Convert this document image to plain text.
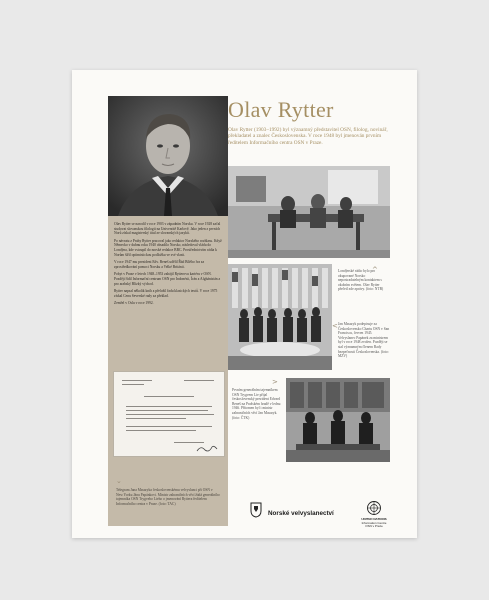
Olav Rytter se narodil v roce 1903 v západním Norsku. V roce 1928 začal studovat slovanskou filologii na Univerzitě Karlově. Jako jeden z prvních Norů získal magisterský titul ze slovanských jazyků.

Po návratu z Prahy Rytter pracoval jako redaktor Norského rozhlasu. Když Německo v dubnu roku 1940 obsadilo Norsko, následoval vládu do Londýna, kde vstoupil do norské redakce BBC. Prostřednictvím rádia k Norům šířil optimistickou podložku ve své vlasti.

V roce 1947 mu prezident Edv. Beneš udělil Řád Bílého lva za zprostředkování pomoci Norsku a Velké Británii.

Pobyt v Praze v letech 1948–1953 zahájil Rytterovu kariéru v OSN. Později řídil Informační centrum OSN pro Indonésii, Írán a Afghánistán a pro arabský Blízký východ.

Rytter napsal několik knih a přeložil řadu klasických textů. V roce 1975 získal Cenu Severské rady za překlad.

Zemřel v Oslu v roce 1992.

⌄
Telegram Jana Masaryka československému velvyslanci při OSN v New Yorku Jánu Papánkovi. Ministr zahraničních věcí žádá generálního tajemníka OSN Trygveho Lieho o jmenování Ryttera ředitelem Informačního centra v Praze. (foto: TAC)
Olav Rytter
Olav Rytter (1903–1992) byl významný představitel OSN, filolog, novinář, překladatel a znalec Československa. V roce 1948 byl jmenován prvním ředitelem Informačního centra OSN v Praze.
^
Londýnské rádio bylo pro okupované Norsko nepostradatelným kontaktem s okolním světem. Olav Rytter přečetl zde zprávy. (foto: NTB)
< Jan Masaryk podepisuje za Československo Chartu OSN v San Franciscu, červen 1945. Velvyslanec Papánek za ministrem byl v roce 1948 zvolen. Později se stal významným členem Rady bezpečnosti Československa. (foto: MZV)
>
Prvním generálním tajemníkem OSN Trygvem Lie přijal československý prezident Edvard Beneš na Pražském hradě v lednu 1946. Přítomen byl i ministr zahraničních věcí Jan Masaryk. (foto: ČTK)
Norské velvyslanectví
UNITED NATIONS
Information Centre
OSN v Praze
